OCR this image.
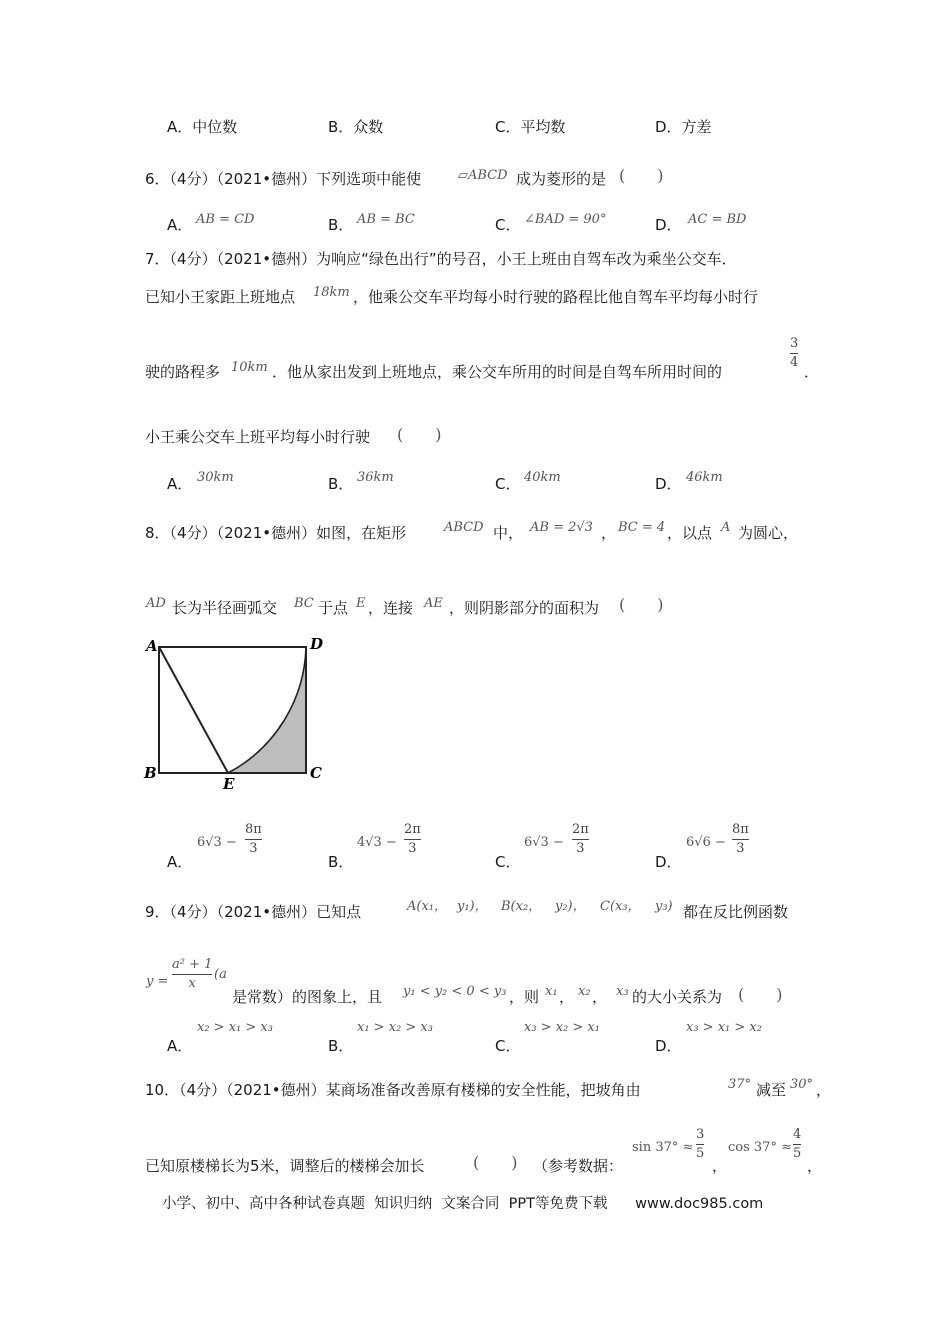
A．中位数	B．众数	C．平均数	D．方差
6．（4分）（2021•德州）下列选项中能使	▱ABCD 成为菱形的是 (　　)
A． AB = CD	B． AB = BC	C． ∠BAD = 90°	D． AC = BD
7．（4分）（2021•德州）为响应“绿色出行”的号召，小王上班由自驾车改为乘坐公交车．
已知小王家距上班地点 18km ，他乘公交车平均每小时行驶的路程比他自驾车平均每小时行
驶的路程多 10km ．他从家出发到上班地点，乘公交车所用的时间是自驾车所用时间的
3
4
．
小王乘公交车上班平均每小时行驶 (　　)
A． 30km	B． 36km	C． 40km	D． 46km
8．（4分）（2021•德州）如图，在矩形	ABCD 中， AB = 2√3 ， BC = 4 ，以点 A 为圆心，
AD 长为半径画弧交 BC 于点 E ，连接 AE ，则阴影部分的面积为 (　　)
A	D
B	C
E
A．
6√3 −
8π
3
B．
4√3 −
2π
3
C．
6√3 −
2π
3
D．
6√6 −
8π
3
9．（4分）（2021•德州）已知点	A(x₁， y₁)， B(x₂， y₂)， C(x₃， y₃) 都在反比例函数
y =
a² + 1
x
(a
是常数）的图象上，且 y₁ < y₂ < 0 < y₃ ，则 x₁ ， x₂ ， x₃ 的大小关系为 (　　)
A．
x₂ > x₁ > x₃
B．
x₁ > x₂ > x₃
C．
x₃ > x₂ > x₁
D．
x₃ > x₁ > x₂
10．（4分）（2021•德州）某商场准备改善原有楼梯的安全性能，把坡角由	37° 减至 30° ，
已知原楼梯长为5米，调整后的楼梯会加长	(　　) （参考数据：
sin 37° ≈
3
5
，
cos 37° ≈
4
5
，
小学、初中、高中各种试卷真题  知识归纳  文案合同  PPT等免费下载      www.doc985.com
